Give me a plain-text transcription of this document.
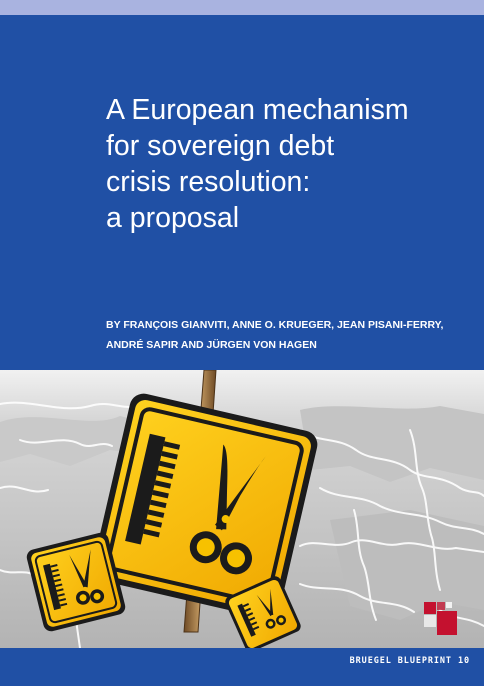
A European mechanism
for sovereign debt
crisis resolution:
a proposal
BY FRANÇOIS GIANVITI, ANNE O. KRUEGER, JEAN PISANI-FERRY,
ANDRÉ SAPIR AND JÜRGEN VON HAGEN
BRUEGEL BLUEPRINT 10
